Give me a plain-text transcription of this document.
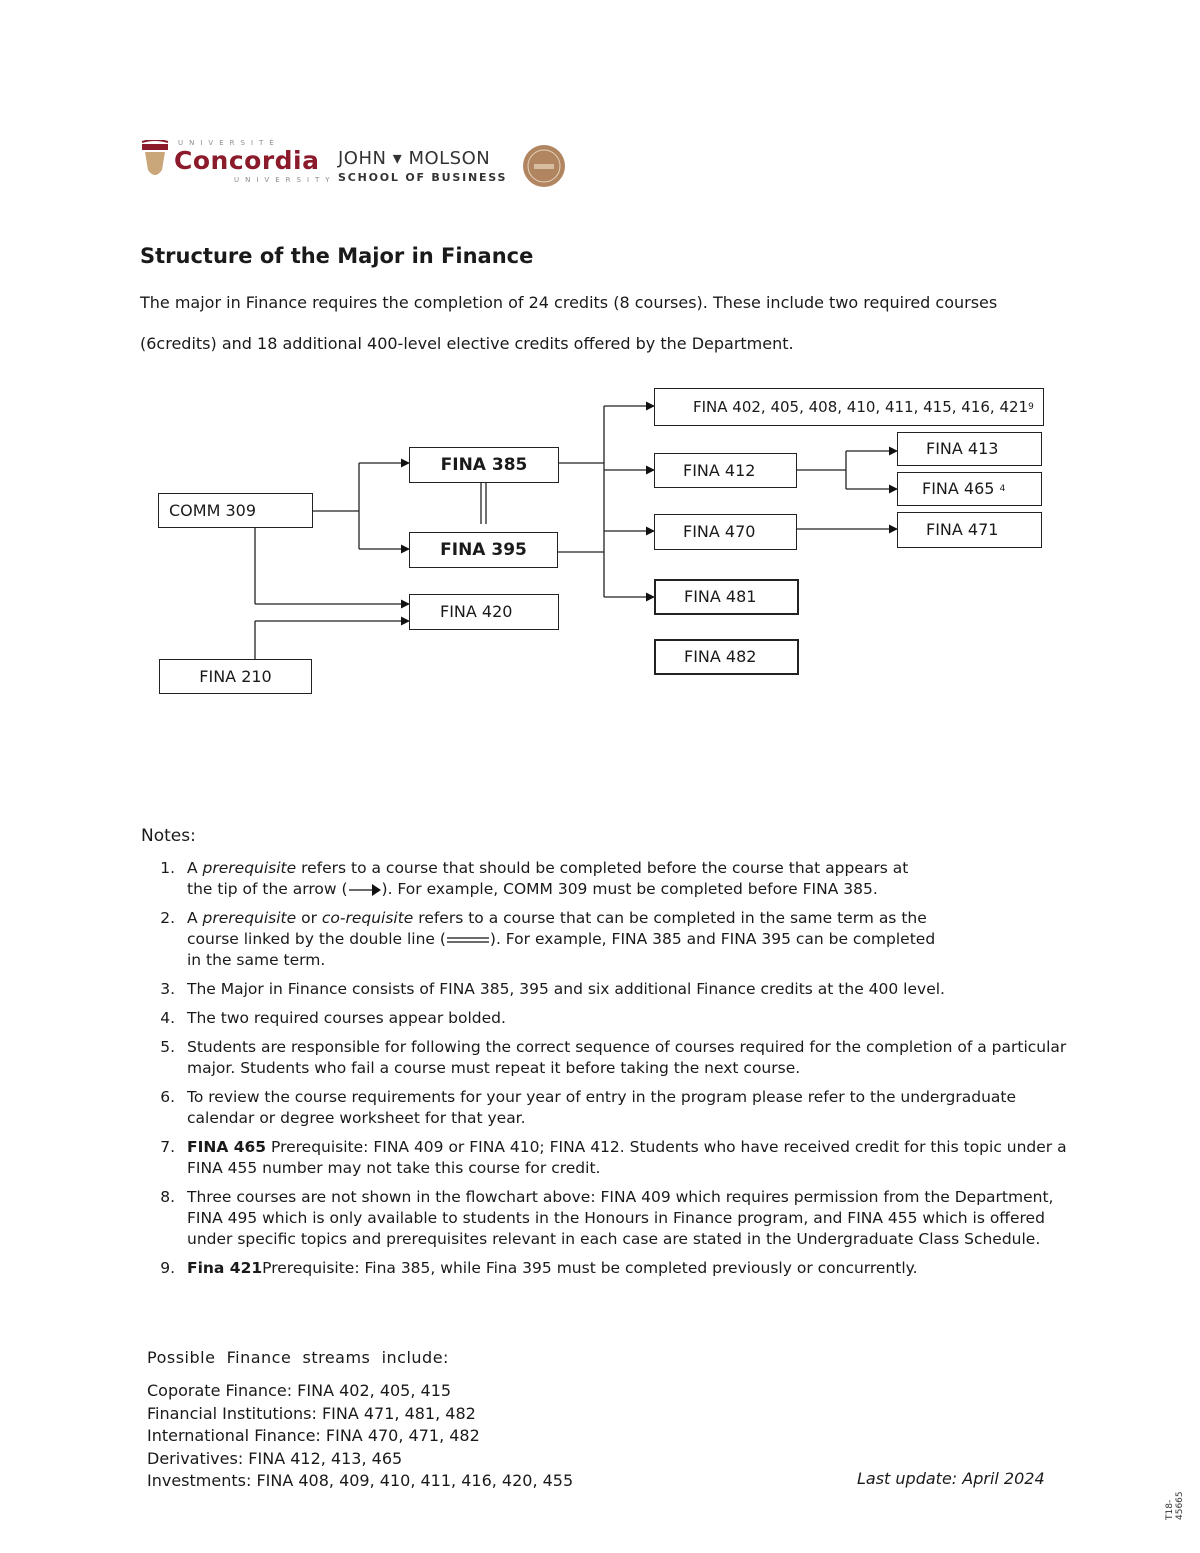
UNIVERSITÉ
Concordia
UNIVERSITY
JOHN ▾ MOLSON
SCHOOL OF BUSINESS
Structure of the Major in Finance
The major in Finance requires the completion of 24 credits (8 courses). These include two required courses
(6credits) and 18 additional 400-level elective credits offered by the Department.
COMM 309
FINA 210
FINA 385
FINA 395
FINA 420
FINA 402, 405, 408, 410, 411, 415, 416, 421 9
FINA 412
FINA 413
FINA 465
4
FINA 470	FINA 471
FINA 481
FINA 482
Notes:
1. A prerequisite refers to a course that should be completed before the course that appears at
the tip of the arrow ( ). For example, COMM 309 must be completed before FINA 385.
2. A prerequisite or co-requisite refers to a course that can be completed in the same term as the
course linked by the double line (	). For example, FINA 385 and FINA 395 can be completed
in the same term.
3. The Major in Finance consists of FINA 385, 395 and six additional Finance credits at the 400 level.
4. The two required courses appear bolded.
5. Students are responsible for following the correct sequence of courses required for the completion of a particular major. Students who fail a course must repeat it before taking the next course.
6. To review the course requirements for your year of entry in the program please refer to the undergraduate calendar or degree worksheet for that year.
7. FINA 465 Prerequisite: FINA 409 or FINA 410; FINA 412. Students who have received credit for this topic under a FINA 455 number may not take this course for credit.
8. Three courses are not shown in the flowchart above: FINA 409 which requires permission from the Department, FINA 495 which is only available to students in the Honours in Finance program, and FINA 455 which is offered under specific topics and prerequisites relevant in each case are stated in the Undergraduate Class Schedule.
9. Fina 421Prerequisite: Fina 385, while Fina 395 must be completed previously or concurrently.
Possible  Finance  streams  include:
Coporate Finance: FINA 402, 405, 415
Financial Institutions: FINA 471, 481, 482
International Finance: FINA 470, 471, 482
Derivatives: FINA 412, 413, 465
Investments: FINA 408, 409, 410, 411, 416, 420, 455	Last update: April 2024
T18-45665
